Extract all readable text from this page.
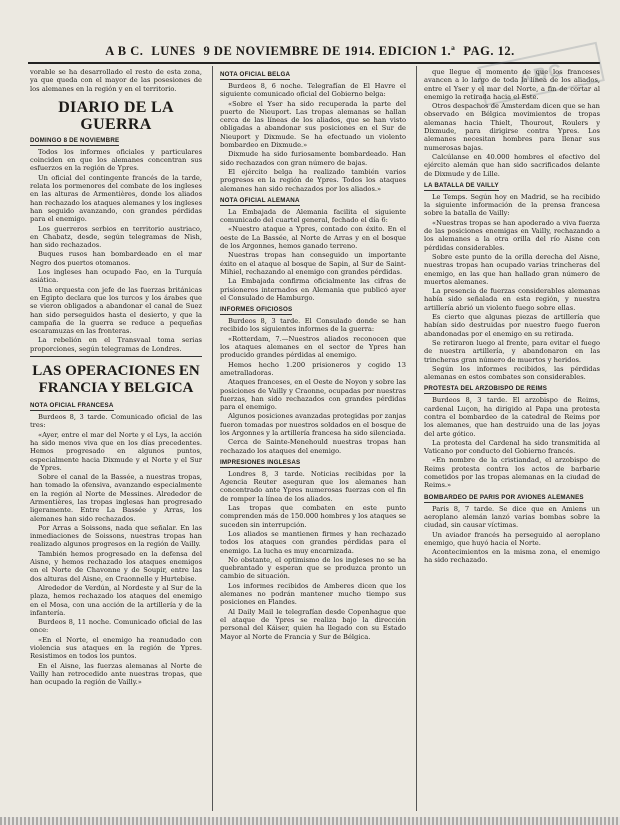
A B C. LUNES 9 DE NOVIEMBRE DE 1914. EDICION 1.ª PAG. 12.
ABC

vorable se ha desarrollado el resto de esta zona, ya que queda con el mayor de las posesiones de los alemanes en la región y en el territorio.

DIARIO DE LA GUERRA
DOMINGO 8 DE NOVIEMBRE

Todos los informes oficiales y particulares coinciden en que los alemanes concentran sus esfuerzos en la región de Ypres.

Un oficial del contingente francés de la tarde, relata los pormenores del combate de los ingleses en las alturas de Armentières, donde los aliados han rechazado los ataques alemanes y los ingleses han seguido avanzando, con grandes pérdidas para el enemigo.

Los guerreros serbios en territorio austriaco, en Chabatz, desde, según telegramas de Nish, han sido rechazados.

Buques rusos han bombardeado en el mar Negro dos puertos otomanos.

Los ingleses han ocupado Fao, en la Turquía asiática.

Una orquesta con jefe de las fuerzas británicas en Egipto declara que los turcos y los árabes que se vieron obligados a abandonar el canal de Suez han sido perseguidos hasta el desierto, y que la campaña de la guerra se reduce a pequeñas escaramuzas en las fronteras.

La rebelión en el Transvaal toma serias proporciones, según telegramas de Londres.

LAS OPERACIONES EN FRANCIA Y BELGICA
NOTA OFICIAL FRANCESA

Burdeos 8, 3 tarde. Comunicado oficial de las tres:

«Ayer, entre el mar del Norte y el Lys, la acción ha sido menos viva que en los días precedentes. Hemos progresado en algunos puntos, especialmente hacia Dixmude y el Norte y el Sur de Ypres.

Sobre el canal de la Bassée, a nuestras tropas, han tomado la ofensiva, avanzando especialmente en la región al Norte de Messines. Alrededor de Armentières, las tropas inglesas han progresado ligeramente. Entre La Bassée y Arras, los alemanes han sido rechazados.

Por Arras a Soissons, nada que señalar. En las inmediaciones de Soissons, nuestras tropas han realizado algunos progresos en la región de Vailly.

También hemos progresado en la defensa del Aisne, y hemos rechazado los ataques enemigos en el Norte de Chavonne y de Soupir, entre las dos alturas del Aisne, en Craonnelle y Hurtebise.

Alrededor de Verdún, al Nordeste y al Sur de la plaza, hemos rechazado los ataques del enemigo en el Mosa, con una acción de la artillería y de la infantería.

Burdeos 8, 11 noche. Comunicado oficial de las once:

«En el Norte, el enemigo ha reanudado con violencia sus ataques en la región de Ypres. Resistimos en todos los puntos.

En el Aisne, las fuerzas alemanas al Norte de Vailly han retrocedido ante nuestras tropas, que han ocupado la región de Vailly.»

NOTA OFICIAL BELGA

Burdeos 8, 6 noche. Telegrafían de El Havre el siguiente comunicado oficial del Gobierno belga:

«Sobre el Yser ha sido recuperada la parte del puerto de Nieuport. Las tropas alemanas se hallan cerca de las líneas de los aliados, que se han visto obligadas a abandonar sus posiciones en el Sur de Nieuport y Dixmude. Se ha efectuado un violento bombardeo en Dixmude.»

Dixmude ha sido furiosamente bombardeado. Han sido rechazados con gran número de bajas.

El ejército belga ha realizado también varios progresos en la región de Ypres. Todos los ataques alemanes han sido rechazados por los aliados.»

NOTA OFICIAL ALEMANA

La Embajada de Alemania facilita el siguiente comunicado del cuartel general, fechado el día 6:

«Nuestro ataque a Ypres, contado con éxito. En el oeste de La Bassée, al Norte de Arras y en el bosque de los Argonnes, hemos ganado terreno.

Nuestras tropas han conseguido un importante éxito en el ataque al bosque de Sapin, al Sur de Saint-Mihiel, rechazando al enemigo con grandes pérdidas.

La Embajada confirma oficialmente las cifras de prisioneros internados en Alemania que publicó ayer el Consulado de Hamburgo.

INFORMES OFICIOSOS

Burdeos 8, 3 tarde. El Consulado donde se han recibido los siguientes informes de la guerra:

«Rotterdam, 7.—Nuestros aliados reconocen que los ataques alemanes en el sector de Ypres han producido grandes pérdidas al enemigo.

Hemos hecho 1.200 prisioneros y cogido 13 ametralladoras.

Ataques franceses, en el Oeste de Noyon y sobre las posiciones de Vailly y Craonne, ocupadas por nuestras fuerzas, han sido rechazados con grandes pérdidas para el enemigo.

Algunos posiciones avanzadas protegidas por zanjas fueron tomadas por nuestros soldados en el bosque de los Argonnes y la artillería francesa ha sido silenciada.

Cerca de Sainte-Menehould nuestras tropas han rechazado los ataques del enemigo.

IMPRESIONES INGLESAS

Londres 8, 3 tarde. Noticias recibidas por la Agencia Reuter aseguran que los alemanes han concentrado ante Ypres numerosas fuerzas con el fin de romper la línea de los aliados.

Las tropas que combaten en este punto comprenden más de 150.000 hombres y los ataques se suceden sin interrupción.

Los aliados se mantienen firmes y han rechazado todos los ataques con grandes pérdidas para el enemigo. La lucha es muy encarnizada.

No obstante, el optimismo de los ingleses no se ha quebrantado y esperan que se produzca pronto un cambio de situación.

Los informes recibidos de Amberes dicen que los alemanes no podrán mantener mucho tiempo sus posiciones en Flandes.

Al Daily Mail le telegrafían desde Copenhague que el ataque de Ypres se realiza bajo la dirección personal del Káiser, quien ha llegado con su Estado Mayor al Norte de Francia y Sur de Bélgica.

que llegue el momento de que los franceses avancen a lo largo de toda la línea de los aliados, entre el Yser y el mar del Norte, a fin de cortar al enemigo la retirada hacia el Este.

Otros despachos de Amsterdam dicen que se han observado en Bélgica movimientos de tropas alemanas hacia Thielt, Thourout, Roulers y Dixmude, para dirigirse contra Ypres. Los alemanes necesitan hombres para llenar sus numerosas bajas.

Calcúlanse en 40.000 hombres el efectivo del ejército alemán que han sido sacrificados delante de Dixmude y de Lille.

LA BATALLA DE VAILLY

Le Temps. Según hoy en Madrid, se ha recibido la siguiente información de la prensa francesa sobre la batalla de Vailly:

«Nuestras tropas se han apoderado a viva fuerza de las posiciones enemigas en Vailly, rechazando a los alemanes a la otra orilla del río Aisne con pérdidas considerables.

Sobre este punto de la orilla derecha del Aisne, nuestras tropas han ocupado varias trincheras del enemigo, en las que han hallado gran número de muertos alemanes.

La presencia de fuerzas considerables alemanas había sido señalada en esta región, y nuestra artillería abrió un violento fuego sobre ellas.

Es cierto que algunas piezas de artillería que habían sido destruidas por nuestro fuego fueron abandonadas por el enemigo en su retirada.

Se retiraron luego al frente, para evitar el fuego de nuestra artillería, y abandonaron en las trincheras gran número de muertos y heridos.

Según los informes recibidos, las pérdidas alemanas en estos combates son considerables.

PROTESTA DEL ARZOBISPO DE REIMS

Burdeos 8, 3 tarde. El arzobispo de Reims, cardenal Luçon, ha dirigido al Papa una protesta contra el bombardeo de la catedral de Reims por los alemanes, que han destruido una de las joyas del arte gótico.

La protesta del Cardenal ha sido transmitida al Vaticano por conducto del Gobierno francés.

«En nombre de la cristiandad, el arzobispo de Reims protesta contra los actos de barbarie cometidos por las tropas alemanas en la ciudad de Reims.»

BOMBARDEO DE PARIS POR AVIONES ALEMANES

Paris 8, 7 tarde. Se dice que en Amiens un aeroplano alemán lanzó varias bombas sobre la ciudad, sin causar víctimas.

Un aviador francés ha perseguido al aeroplano enemigo, que huyó hacia el Norte.

Acontecimientos en la misma zona, el enemigo ha sido rechazado.
